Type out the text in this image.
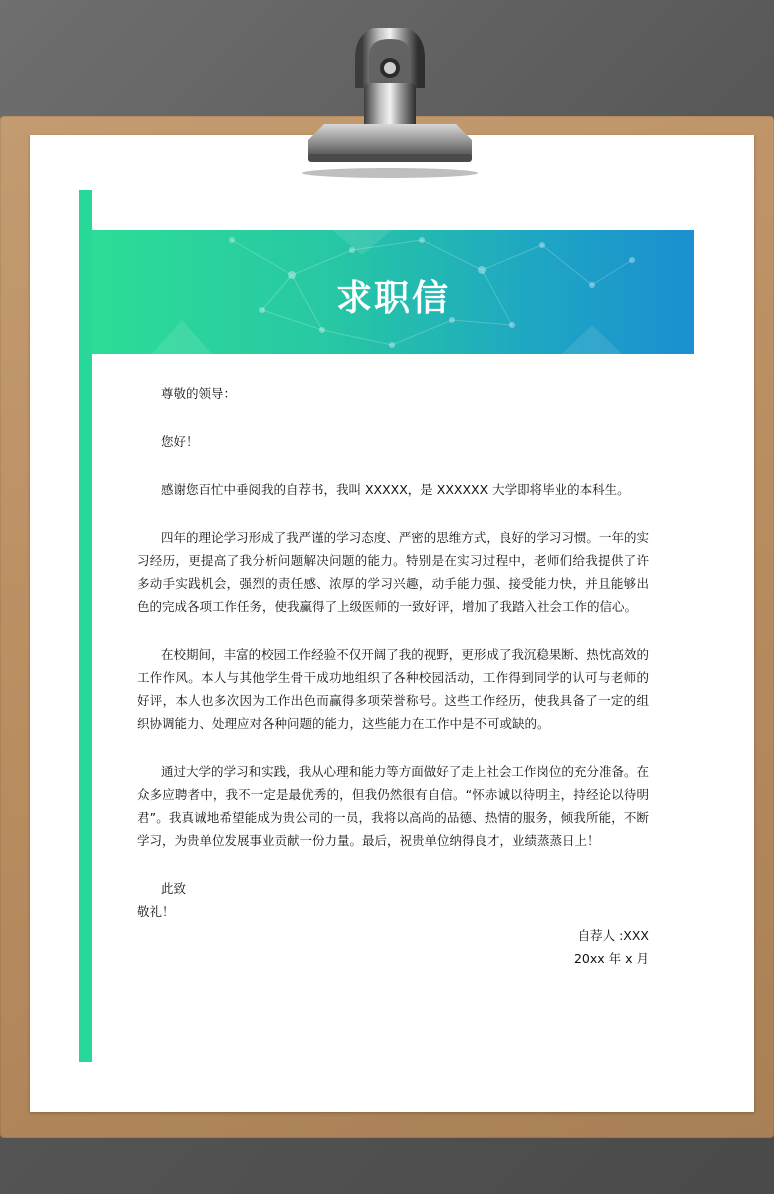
求职信

尊敬的领导：

您好！

感谢您百忙中垂阅我的自荐书，我叫 XXXXX，是 XXXXXX 大学即将毕业的本科生。

四年的理论学习形成了我严谨的学习态度、严密的思维方式，良好的学习习惯。一年的实习经历，更提高了我分析问题解决问题的能力。特别是在实习过程中，老师们给我提供了许多动手实践机会，强烈的责任感、浓厚的学习兴趣，动手能力强、接受能力快，并且能够出色的完成各项工作任务，使我赢得了上级医师的一致好评，增加了我踏入社会工作的信心。

在校期间，丰富的校园工作经验不仅开阔了我的视野，更形成了我沉稳果断、热忱高效的工作作风。本人与其他学生骨干成功地组织了各种校园活动，工作得到同学的认可与老师的好评，本人也多次因为工作出色而赢得多项荣誉称号。这些工作经历，使我具备了一定的组织协调能力、处理应对各种问题的能力，这些能力在工作中是不可或缺的。

通过大学的学习和实践，我从心理和能力等方面做好了走上社会工作岗位的充分准备。在众多应聘者中，我不一定是最优秀的，但我仍然很有自信。“怀赤诚以待明主，持经论以待明君”。我真诚地希望能成为贵公司的一员，我将以高尚的品德、热情的服务，倾我所能，不断学习，为贵单位发展事业贡献一份力量。最后，祝贵单位纳得良才，业绩蒸蒸日上！

此致

敬礼！

自荐人 :XXX

20xx 年 x 月
